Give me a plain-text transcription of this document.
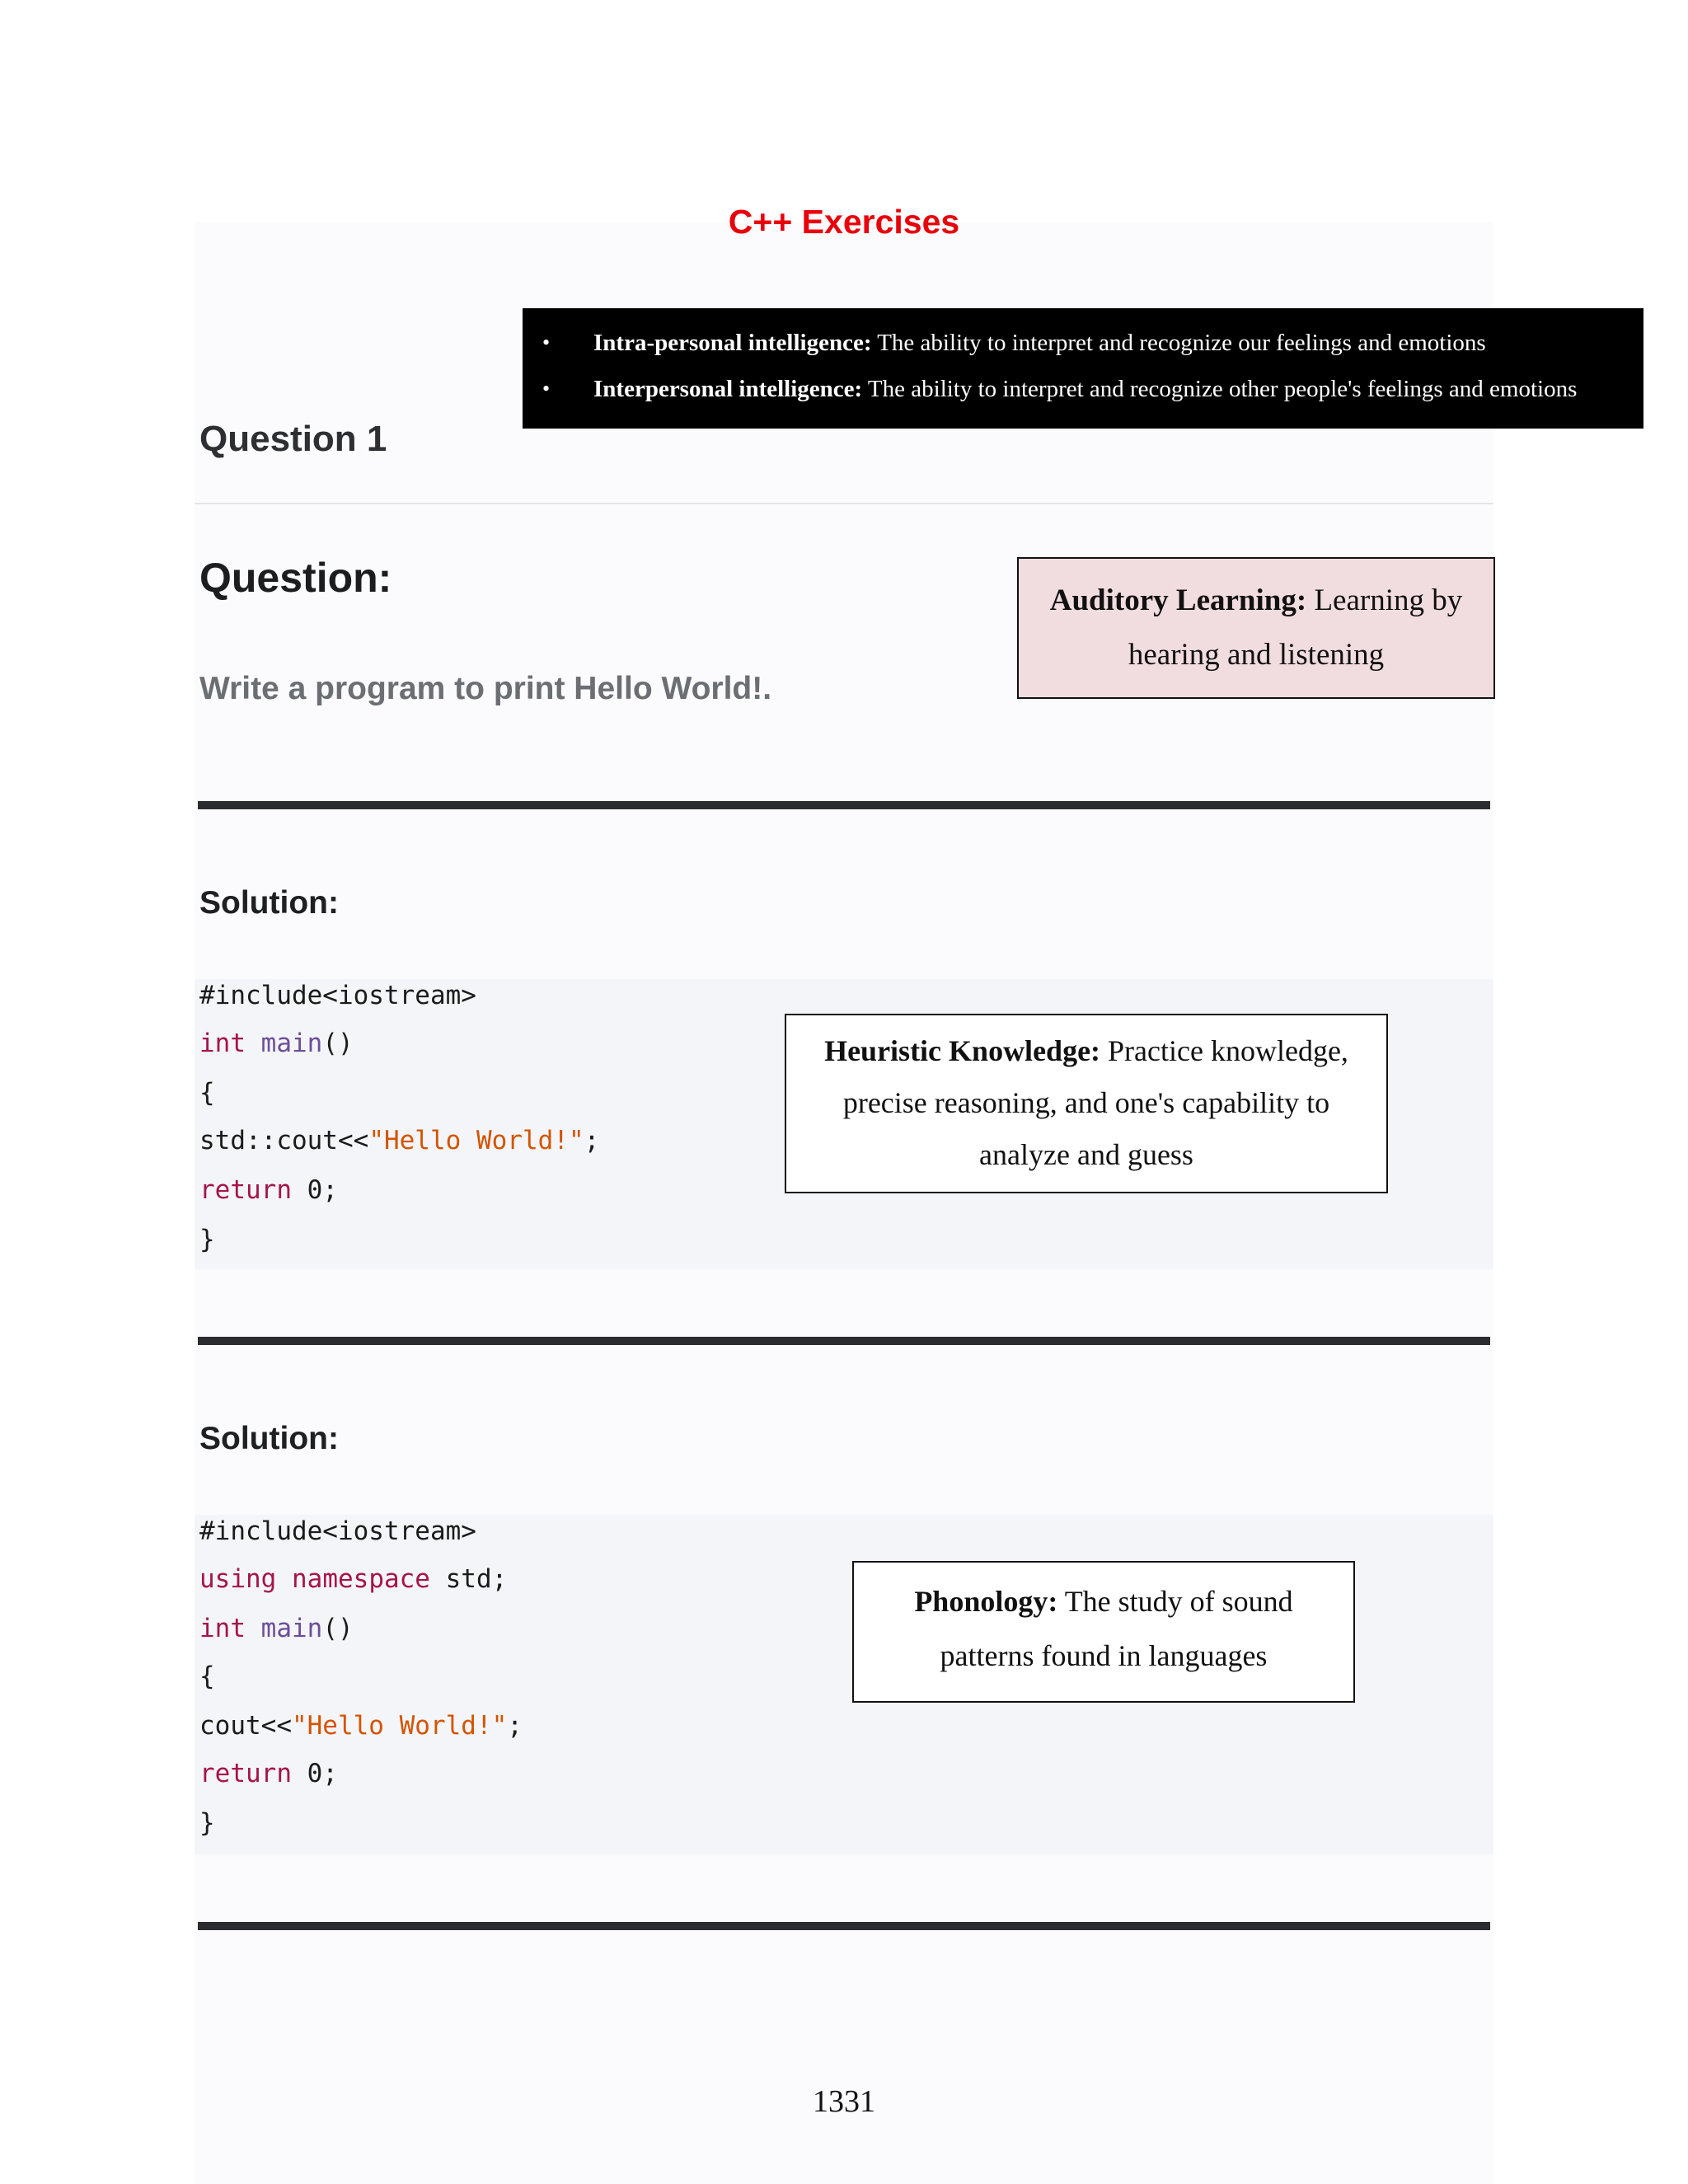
C++ Exercises
• Intra-personal intelligence: The ability to interpret and recognize our feelings and emotions
• Interpersonal intelligence: The ability to interpret and recognize other people's feelings and emotions
Question 1
Question:
Write a program to print Hello World!.
Auditory Learning: Learning by
hearing and listening
Solution:
#include<iostream>
int main()
{
std::cout<<"Hello World!";
return 0;
}
Heuristic Knowledge: Practice knowledge,
precise reasoning, and one's capability to
analyze and guess
Solution:
#include<iostream>
using namespace std;
int main()
{
cout<<"Hello World!";
return 0;
}
Phonology: The study of sound
patterns found in languages
1331
